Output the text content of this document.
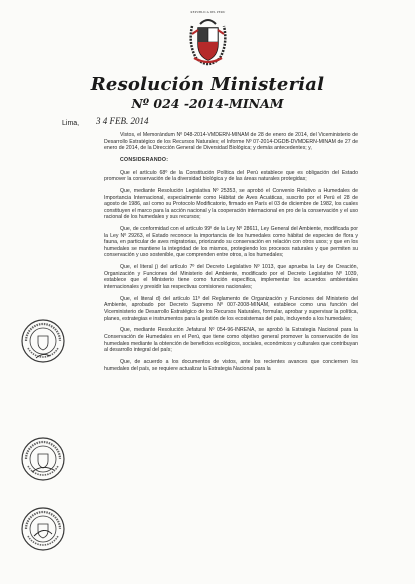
REPUBLICA DEL PERU
Resolución Ministerial
Nº 024 -2014-MINAM
Lima, 3 4 FEB. 2014

Vistos, el Memorándum Nº 048-2014-VMDERN-MINAM de 28 de enero de 2014, del Viceministerio de Desarrollo Estratégico de los Recursos Naturales; el Informe Nº 07-2014-DGDB-DVMDERN-MINAM de 27 de enero de 2014, de la Dirección General de Diversidad Biológica; y demás antecedentes; y,

CONSIDERANDO:

Que el artículo 68º de la Constitución Política del Perú establece que es obligación del Estado promover la conservación de la diversidad biológica y de las áreas naturales protegidas;

Que, mediante Resolución Legislativa Nº 25353, se aprobó el Convenio Relativo a Humedales de Importancia Internacional, especialmente como Hábitat de Aves Acuáticas, suscrito por el Perú el 28 de agosto de 1986, así como su Protocolo Modificatorio, firmado en París el 03 de diciembre de 1982, los cuales constituyen el marco para la acción nacional y la cooperación internacional en pro de la conservación y el uso racional de los humedales y sus recursos;

Que, de conformidad con el artículo 99º de la Ley Nº 28611, Ley General del Ambiente, modificada por la Ley Nº 29263, el Estado reconoce la importancia de los humedales como hábitat de especies de flora y fauna, en particular de aves migratorias, priorizando su conservación en relación con otros usos; y que en los humedales se mantiene la integridad de los mismos, protegiendo los procesos naturales y que permiten su conservación y uso sostenible, que comprenden entre otros, a los humedales;

Que, el literal j) del artículo 7º del Decreto Legislativo Nº 1013, que aprueba la Ley de Creación, Organización y Funciones del Ministerio del Ambiente, modificado por el Decreto Legislativo Nº 1039, establece que el Ministerio tiene como función específica, implementar los acuerdos ambientales internacionales y presidir las respectivas comisiones nacionales;

Que, el literal d) del artículo 11º del Reglamento de Organización y Funciones del Ministerio del Ambiente, aprobado por Decreto Supremo Nº 007-2008-MINAM, establece como una función del Viceministerio de Desarrollo Estratégico de los Recursos Naturales, formular, aprobar y supervisar la política, planes, estrategias e instrumentos para la gestión de los ecosistemas del país, incluyendo a los humedales;

Que, mediante Resolución Jefatural Nº 054-96-INRENA, se aprobó la Estrategia Nacional para la Conservación de Humedales en el Perú, que tiene como objetivo general promover la conservación de los humedales mediante la obtención de beneficios ecológicos, sociales, económicos y culturales que contribuyan al desarrollo integral del país;

Que, de acuerdo a los documentos de vistos, ante los recientes avances que conciernen los humedales del país, se requiere actualizar la Estrategia Nacional para la
